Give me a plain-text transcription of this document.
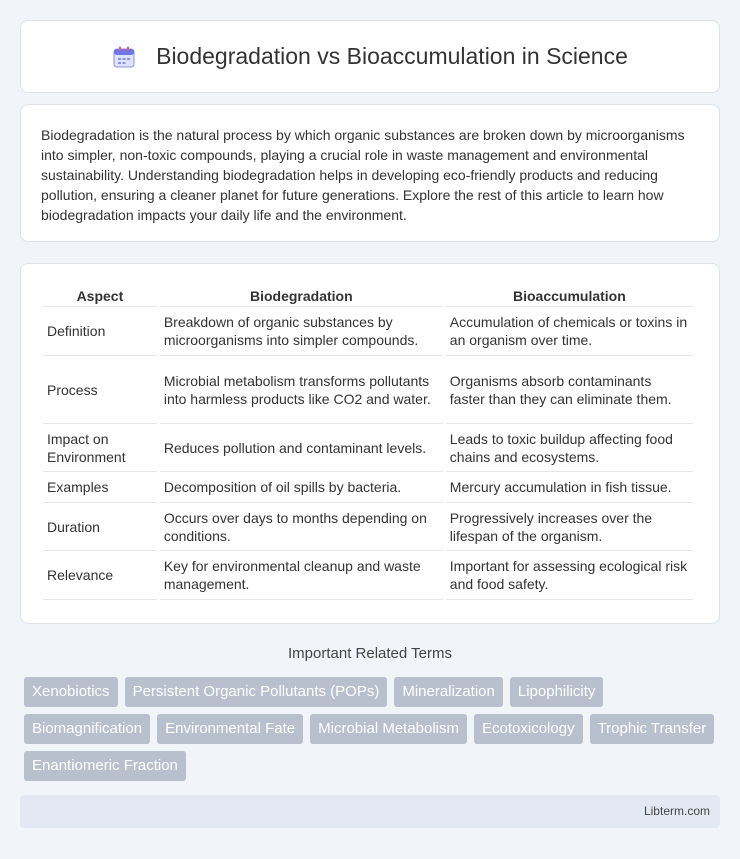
Biodegradation vs Bioaccumulation in Science

Biodegradation is the natural process by which organic substances are broken down by microorganisms into simpler, non-toxic compounds, playing a crucial role in waste management and environmental sustainability. Understanding biodegradation helps in developing eco-friendly products and reducing pollution, ensuring a cleaner planet for future generations. Explore the rest of this article to learn how biodegradation impacts your daily life and the environment.

Aspect	Biodegradation	Bioaccumulation
Definition	Breakdown of organic substances by microorganisms into simpler compounds.	Accumulation of chemicals or toxins in an organism over time.
Process	Microbial metabolism transforms pollutants into harmless products like CO2 and water.	Organisms absorb contaminants faster than they can eliminate them.
Impact on Environment	Reduces pollution and contaminant levels.	Leads to toxic buildup affecting food chains and ecosystems.
Examples	Decomposition of oil spills by bacteria.	Mercury accumulation in fish tissue.
Duration	Occurs over days to months depending on conditions.	Progressively increases over the lifespan of the organism.
Relevance	Key for environmental cleanup and waste management.	Important for assessing ecological risk and food safety.
Important Related Terms
Xenobiotics	Persistent Organic Pollutants (POPs)	Mineralization	Lipophilicity
Biomagnification	Environmental Fate	Microbial Metabolism	Ecotoxicology	Trophic Transfer
Enantiomeric Fraction
Libterm.com
